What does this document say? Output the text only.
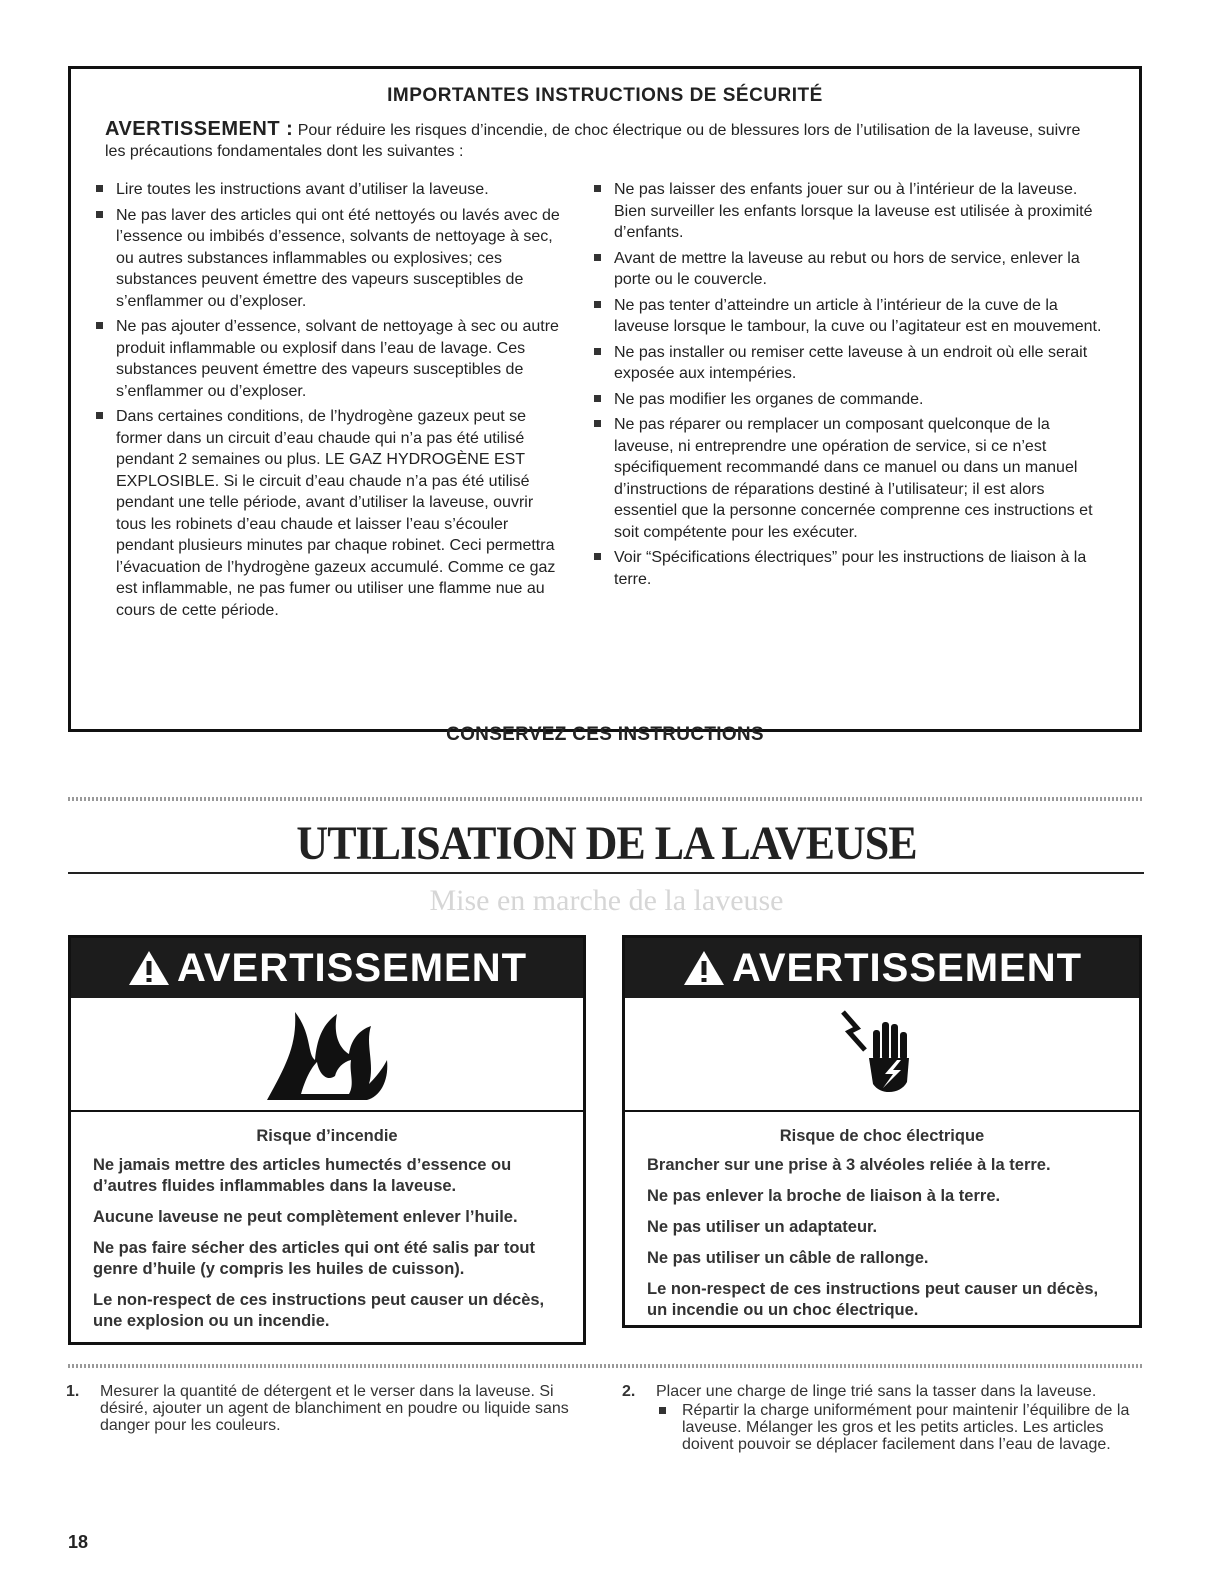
IMPORTANTES INSTRUCTIONS DE SÉCURITÉ
AVERTISSEMENT : Pour réduire les risques d’incendie, de choc électrique ou de blessures lors de l’utilisation de la laveuse, suivre les précautions fondamentales dont les suivantes :
Lire toutes les instructions avant d’utiliser la laveuse.
Ne pas laver des articles qui ont été nettoyés ou lavés avec de l’essence ou imbibés d’essence, solvants de nettoyage à sec, ou autres substances inflammables ou explosives; ces substances peuvent émettre des vapeurs susceptibles de s’enflammer ou d’exploser.
Ne pas ajouter d’essence, solvant de nettoyage à sec ou autre produit inflammable ou explosif dans l’eau de lavage. Ces substances peuvent émettre des vapeurs susceptibles de s’enflammer ou d’exploser.
Dans certaines conditions, de l’hydrogène gazeux peut se former dans un circuit d’eau chaude qui n’a pas été utilisé pendant 2 semaines ou plus. LE GAZ HYDROGÈNE EST EXPLOSIBLE. Si le circuit d’eau chaude n’a pas été utilisé pendant une telle période, avant d’utiliser la laveuse, ouvrir tous les robinets d’eau chaude et laisser l’eau s’écouler pendant plusieurs minutes par chaque robinet. Ceci permettra l’évacuation de l’hydrogène gazeux accumulé. Comme ce gaz est inflammable, ne pas fumer ou utiliser une flamme nue au cours de cette période.
Ne pas laisser des enfants jouer sur ou à l’intérieur de la laveuse. Bien surveiller les enfants lorsque la laveuse est utilisée à proximité d’enfants.
Avant de mettre la laveuse au rebut ou hors de service, enlever la porte ou le couvercle.
Ne pas tenter d’atteindre un article à l’intérieur de la cuve de la laveuse lorsque le tambour, la cuve ou l’agitateur est en mouvement.
Ne pas installer ou remiser cette laveuse à un endroit où elle serait exposée aux intempéries.
Ne pas modifier les organes de commande.
Ne pas réparer ou remplacer un composant quelconque de la laveuse, ni entreprendre une opération de service, si ce n’est spécifiquement recommandé dans ce manuel ou dans un manuel d’instructions de réparations destiné à l’utilisateur; il est alors essentiel que la personne concernée comprenne ces instructions et soit compétente pour les exécuter.
Voir “Spécifications électriques” pour les instructions de liaison à la terre.
CONSERVEZ CES INSTRUCTIONS
UTILISATION DE LA LAVEUSE
Mise en marche de la laveuse
AVERTISSEMENT
Risque d’incendie

Ne jamais mettre des articles humectés d’essence ou d’autres fluides inflammables dans la laveuse.

Aucune laveuse ne peut complètement enlever l’huile.

Ne pas faire sécher des articles qui ont été salis par tout genre d’huile (y compris les huiles de cuisson).

Le non-respect de ces instructions peut causer un décès, une explosion ou un incendie.

AVERTISSEMENT
Risque de choc électrique

Brancher sur une prise à 3 alvéoles reliée à la terre.

Ne pas enlever la broche de liaison à la terre.

Ne pas utiliser un adaptateur.

Ne pas utiliser un câble de rallonge.

Le non-respect de ces instructions peut causer un décès, un incendie ou un choc électrique.

1. Mesurer la quantité de détergent et le verser dans la laveuse. Si désiré, ajouter un agent de blanchiment en poudre ou liquide sans danger pour les couleurs.
2. Placer une charge de linge trié sans la tasser dans la laveuse.
Répartir la charge uniformément pour maintenir l’équilibre de la laveuse. Mélanger les gros et les petits articles. Les articles doivent pouvoir se déplacer facilement dans l’eau de lavage.
18
